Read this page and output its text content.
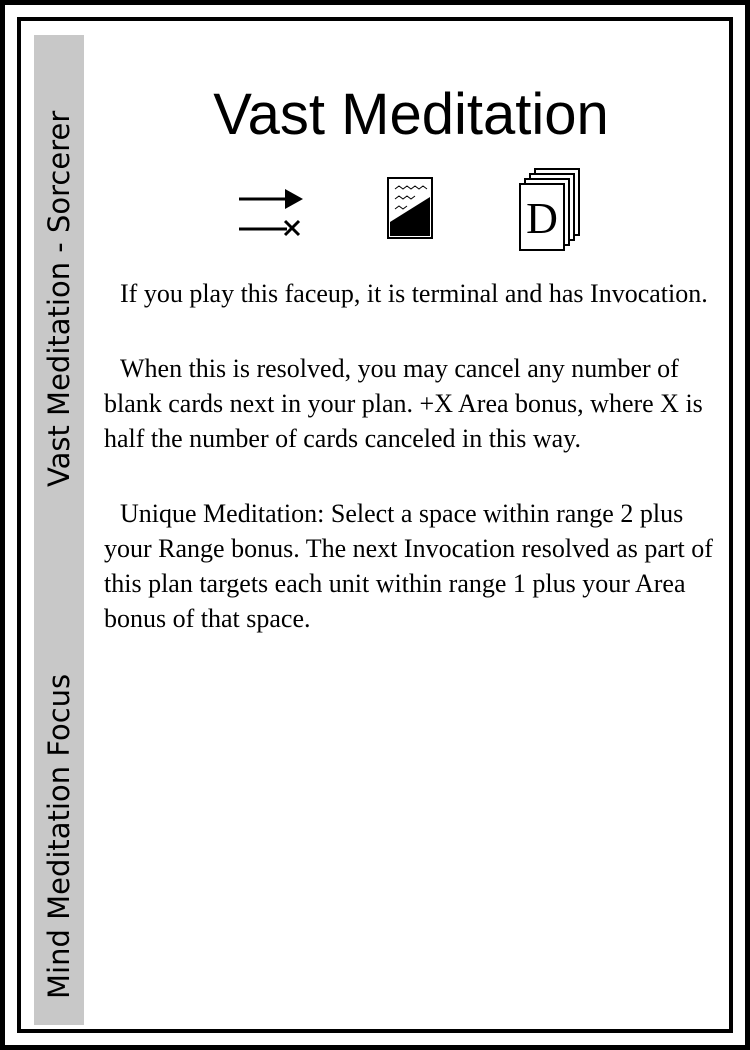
Vast Meditation - Sorcerer
Mind Meditation Focus
Vast Meditation
D

If you play this faceup, it is terminal and has Invocation.

When this is resolved, you may cancel any number of blank cards next in your plan. +X Area bonus, where X is half the number of cards canceled in this way.

Unique Meditation: Select a space within range 2 plus your Range bonus. The next Invocation resolved as part of this plan targets each unit within range 1 plus your Area bonus of that space.
